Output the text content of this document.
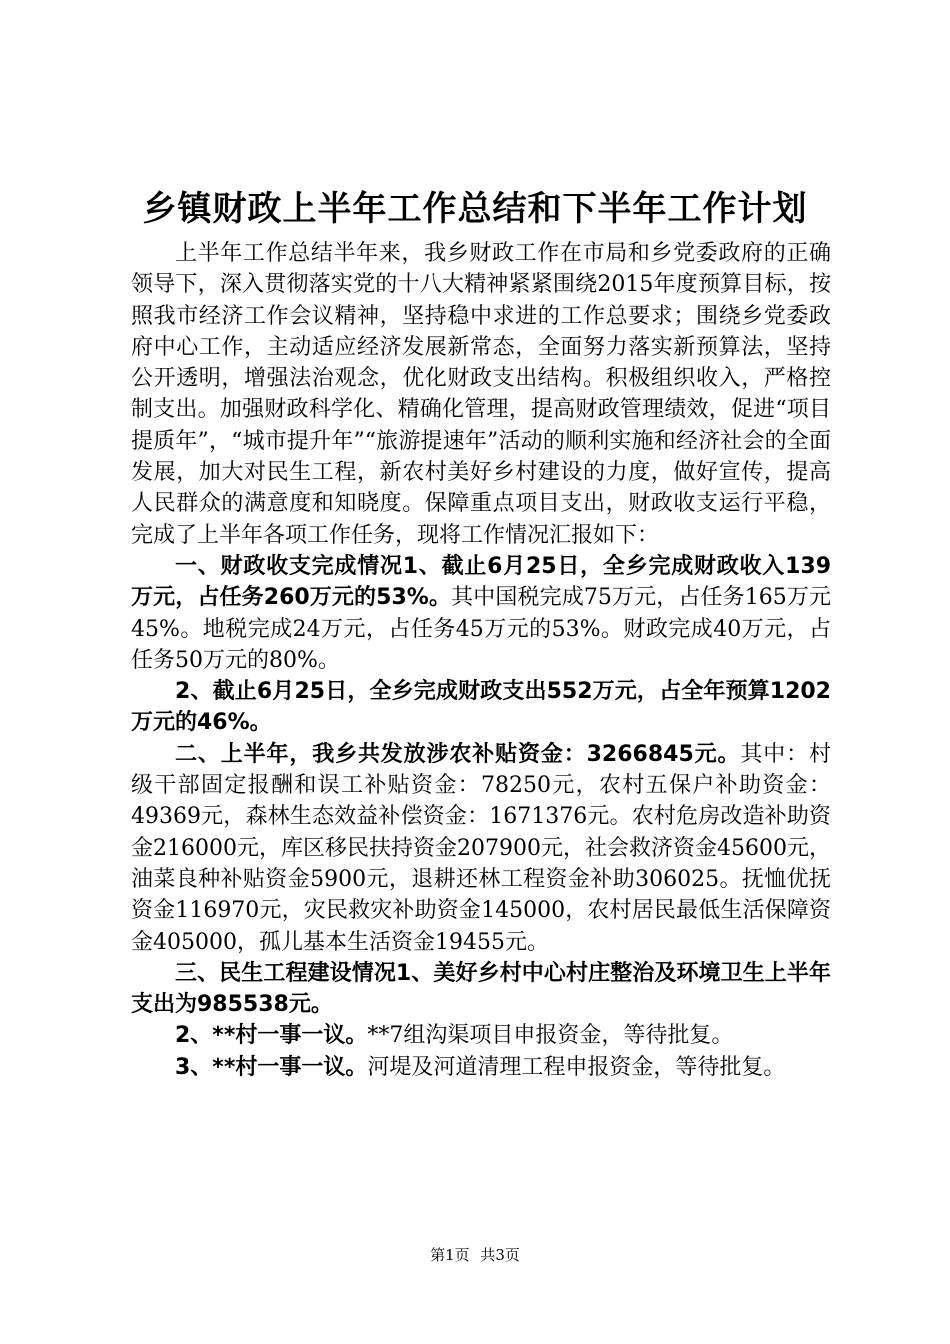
乡镇财政上半年工作总结和下半年工作计划

上半年工作总结半年来，我乡财政工作在市局和乡党委政府的正确领导下，深入贯彻落实党的十八大精神紧紧围绕2015年度预算目标，按照我市经济工作会议精神，坚持稳中求进的工作总要求；围绕乡党委政府中心工作，主动适应经济发展新常态，全面努力落实新预算法，坚持公开透明，增强法治观念，优化财政支出结构。积极组织收入，严格控制支出。加强财政科学化、精确化管理，提高财政管理绩效，促进“项目提质年”，“城市提升年”“旅游提速年”活动的顺利实施和经济社会的全面发展，加大对民生工程，新农村美好乡村建设的力度，做好宣传，提高人民群众的满意度和知晓度。保障重点项目支出，财政收支运行平稳，完成了上半年各项工作任务，现将工作情况汇报如下：

一、财政收支完成情况1、截止6月25日，全乡完成财政收入139万元，占任务260万元的53%。其中国税完成75万元，占任务165万元45%。地税完成24万元，占任务45万元的53%。财政完成40万元，占任务50万元的80%。

2、截止6月25日，全乡完成财政支出552万元，占全年预算1202万元的46%。

二、上半年，我乡共发放涉农补贴资金：3266845元。其中：村级干部固定报酬和误工补贴资金：78250元，农村五保户补助资金：49369元，森林生态效益补偿资金：1671376元。农村危房改造补助资金216000元，库区移民扶持资金207900元，社会救济资金45600元，油菜良种补贴资金5900元，退耕还林工程资金补助306025。抚恤优抚资金116970元，灾民救灾补助资金145000，农村居民最低生活保障资金405000，孤儿基本生活资金19455元。

三、民生工程建设情况1、美好乡村中心村庄整治及环境卫生上半年支出为985538元。

2、**村一事一议。**7组沟渠项目申报资金，等待批复。

3、**村一事一议。河堤及河道清理工程申报资金，等待批复。

第1页 共3页
